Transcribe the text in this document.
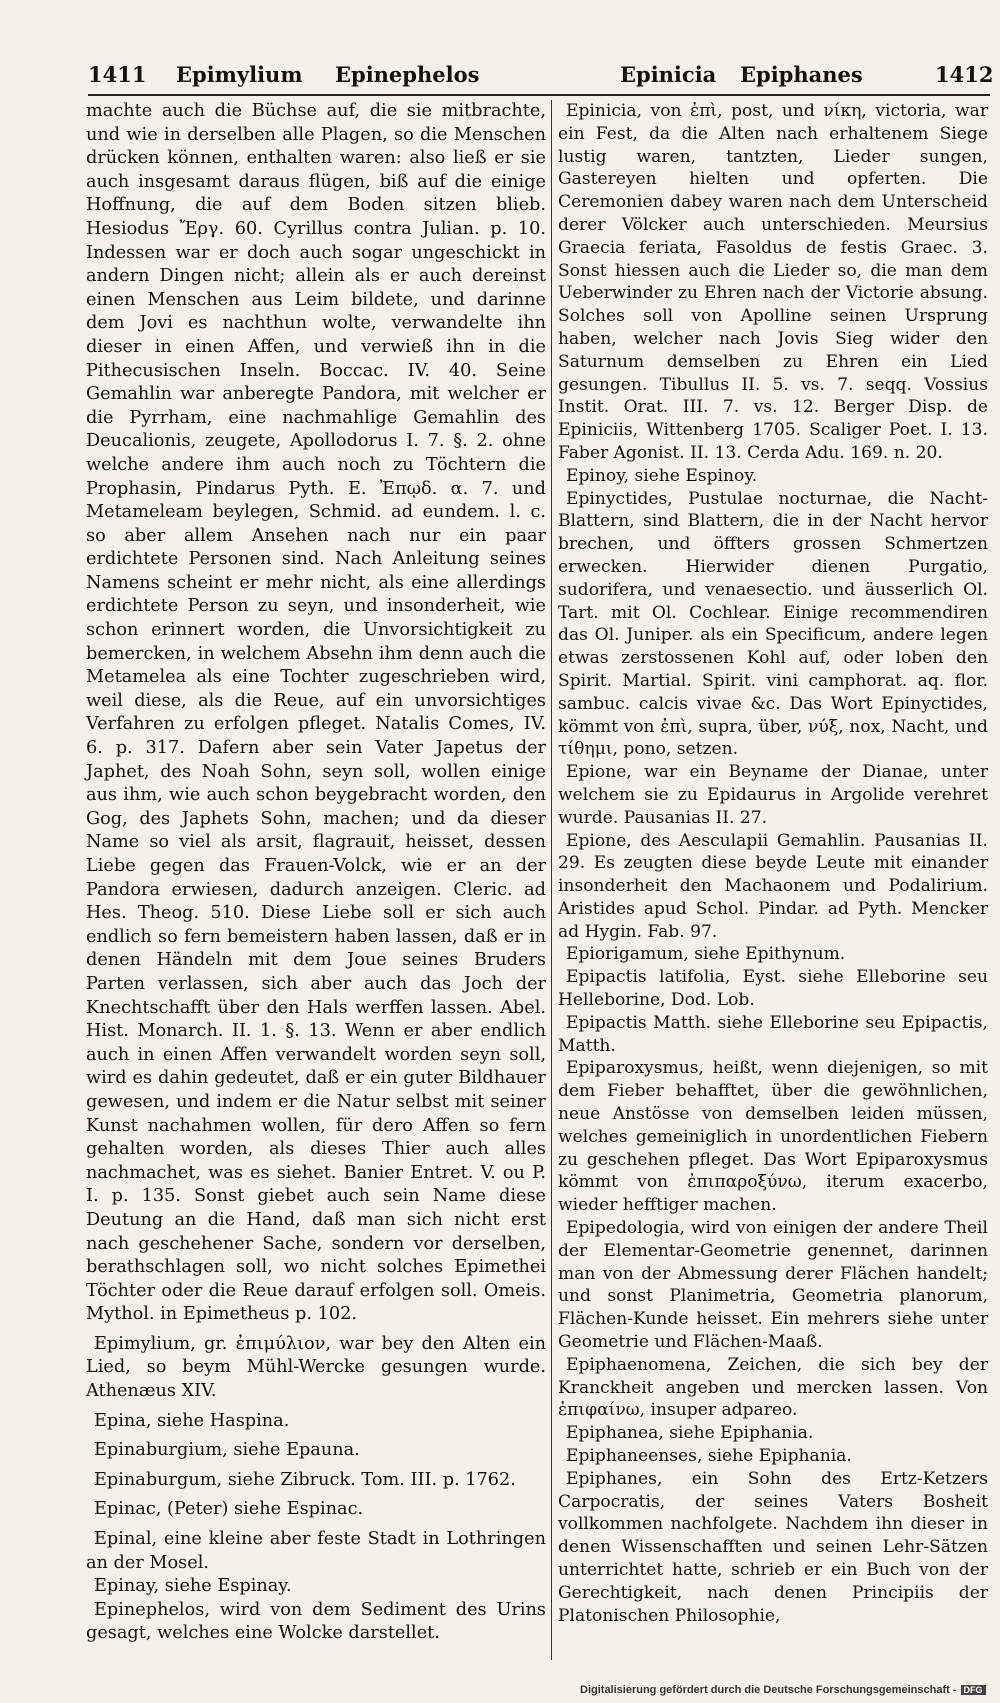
1411 Epimylium Epinephelos	Epinicia Epiphanes	1412

machte auch die Büchse auf, die sie mitbrachte, und wie in derselben alle Plagen, so die Menschen drücken können, enthalten waren: also ließ er sie auch insgesamt daraus flügen, biß auf die einige Hoffnung, die auf dem Boden sitzen blieb. Hesiodus Ἔργ. 60. Cyrillus contra Julian. p. 10. Indessen war er doch auch sogar ungeschickt in andern Dingen nicht; allein als er auch dereinst einen Menschen aus Leim bildete, und darinne dem Jovi es nachthun wolte, verwandelte ihn dieser in einen Affen, und verwieß ihn in die Pithecusischen Inseln. Boccac. IV. 40. Seine Gemahlin war anberegte Pandora, mit welcher er die Pyrrham, eine nachmahlige Gemahlin des Deucalionis, zeugete, Apollodorus I. 7. §. 2. ohne welche andere ihm auch noch zu Töchtern die Prophasin, Pindarus Pyth. E. Ἐπῳδ. α. 7. und Metameleam beylegen, Schmid. ad eundem. l. c. so aber allem Ansehen nach nur ein paar erdichtete Personen sind. Nach Anleitung seines Namens scheint er mehr nicht, als eine allerdings erdichtete Person zu seyn, und insonderheit, wie schon erinnert worden, die Unvorsichtigkeit zu bemercken, in welchem Absehn ihm denn auch die Metamelea als eine Tochter zugeschrieben wird, weil diese, als die Reue, auf ein unvorsichtiges Verfahren zu erfolgen pfleget. Natalis Comes, IV. 6. p. 317. Dafern aber sein Vater Japetus der Japhet, des Noah Sohn, seyn soll, wollen einige aus ihm, wie auch schon beygebracht worden, den Gog, des Japhets Sohn, machen; und da dieser Name so viel als arsit, flagrauit, heisset, dessen Liebe gegen das Frauen-Volck, wie er an der Pandora erwiesen, dadurch anzeigen. Cleric. ad Hes. Theog. 510. Diese Liebe soll er sich auch endlich so fern bemeistern haben lassen, daß er in denen Händeln mit dem Joue seines Bruders Parten verlassen, sich aber auch das Joch der Knechtschafft über den Hals werffen lassen. Abel. Hist. Monarch. II. 1. §. 13. Wenn er aber endlich auch in einen Affen verwandelt worden seyn soll, wird es dahin gedeutet, daß er ein guter Bildhauer gewesen, und indem er die Natur selbst mit seiner Kunst nachahmen wollen, für dero Affen so fern gehalten worden, als dieses Thier auch alles nachmachet, was es siehet. Banier Entret. V. ou P. I. p. 135. Sonst giebet auch sein Name diese Deutung an die Hand, daß man sich nicht erst nach geschehener Sache, sondern vor derselben, berathschlagen soll, wo nicht solches Epimethei Töchter oder die Reue darauf erfolgen soll. Omeis. Mythol. in Epimetheus p. 102.

Epimylium, gr. ἐπιμύλιον, war bey den Alten ein Lied, so beym Mühl-Wercke gesungen wurde. Athenæus XIV.

Epina, siehe Haspina.

Epinaburgium, siehe Epauna.

Epinaburgum, siehe Zibruck. Tom. III. p. 1762.

Epinac, (Peter) siehe Espinac.

Epinal, eine kleine aber feste Stadt in Lothringen an der Mosel.

Epinay, siehe Espinay.

Epinephelos, wird von dem Sediment des Urins gesagt, welches eine Wolcke darstellet.

Epinicia, von ἐπὶ, post, und νίκη, victoria, war ein Fest, da die Alten nach erhaltenem Siege lustig waren, tantzten, Lieder sungen, Gastereyen hielten und opferten. Die Ceremonien dabey waren nach dem Unterscheid derer Völcker auch unterschieden. Meursius Graecia feriata, Fasoldus de festis Graec. 3. Sonst hiessen auch die Lieder so, die man dem Ueberwinder zu Ehren nach der Victorie absung. Solches soll von Apolline seinen Ursprung haben, welcher nach Jovis Sieg wider den Saturnum demselben zu Ehren ein Lied gesungen. Tibullus II. 5. vs. 7. seqq. Vossius Instit. Orat. III. 7. vs. 12. Berger Disp. de Epiniciis, Wittenberg 1705. Scaliger Poet. I. 13. Faber Agonist. II. 13. Cerda Adu. 169. n. 20.

Epinoy, siehe Espinoy.

Epinyctides, Pustulae nocturnae, die Nacht-Blattern, sind Blattern, die in der Nacht hervor brechen, und öffters grossen Schmertzen erwecken. Hierwider dienen Purgatio, sudorifera, und venaesectio. und äusserlich Ol. Tart. mit Ol. Cochlear. Einige recommendiren das Ol. Juniper. als ein Specificum, andere legen etwas zerstossenen Kohl auf, oder loben den Spirit. Martial. Spirit. vini camphorat. aq. flor. sambuc. calcis vivae &c. Das Wort Epinyctides, kömmt von ἐπὶ, supra, über, νύξ, nox, Nacht, und τίθημι, pono, setzen.

Epione, war ein Beyname der Dianae, unter welchem sie zu Epidaurus in Argolide verehret wurde. Pausanias II. 27.

Epione, des Aesculapii Gemahlin. Pausanias II. 29. Es zeugten diese beyde Leute mit einander insonderheit den Machaonem und Podalirium. Aristides apud Schol. Pindar. ad Pyth. Mencker ad Hygin. Fab. 97.

Epiorigamum, siehe Epithynum.

Epipactis latifolia, Eyst. siehe Elleborine seu Helleborine, Dod. Lob.

Epipactis Matth. siehe Elleborine seu Epipactis, Matth.

Epiparoxysmus, heißt, wenn diejenigen, so mit dem Fieber behafftet, über die gewöhnlichen, neue Anstösse von demselben leiden müssen, welches gemeiniglich in unordentlichen Fiebern zu geschehen pfleget. Das Wort Epiparoxysmus kömmt von ἐπιπαροξύνω, iterum exacerbo, wieder hefftiger machen.

Epipedologia, wird von einigen der andere Theil der Elementar-Geometrie genennet, darinnen man von der Abmessung derer Flächen handelt; und sonst Planimetria, Geometria planorum, Flächen-Kunde heisset. Ein mehrers siehe unter Geometrie und Flächen-Maaß.

Epiphaenomena, Zeichen, die sich bey der Kranckheit angeben und mercken lassen. Von ἐπιφαίνω, insuper adpareo.

Epiphanea, siehe Epiphania.

Epiphaneenses, siehe Epiphania.

Epiphanes, ein Sohn des Ertz-Ketzers Carpocratis, der seines Vaters Bosheit vollkommen nachfolgete. Nachdem ihn dieser in denen Wissenschafften und seinen Lehr-Sätzen unterrichtet hatte, schrieb er ein Buch von der Gerechtigkeit, nach denen Principiis der Platonischen Philosophie,

Digitalisierung gefördert durch die Deutsche Forschungsgemeinschaft - DFG
